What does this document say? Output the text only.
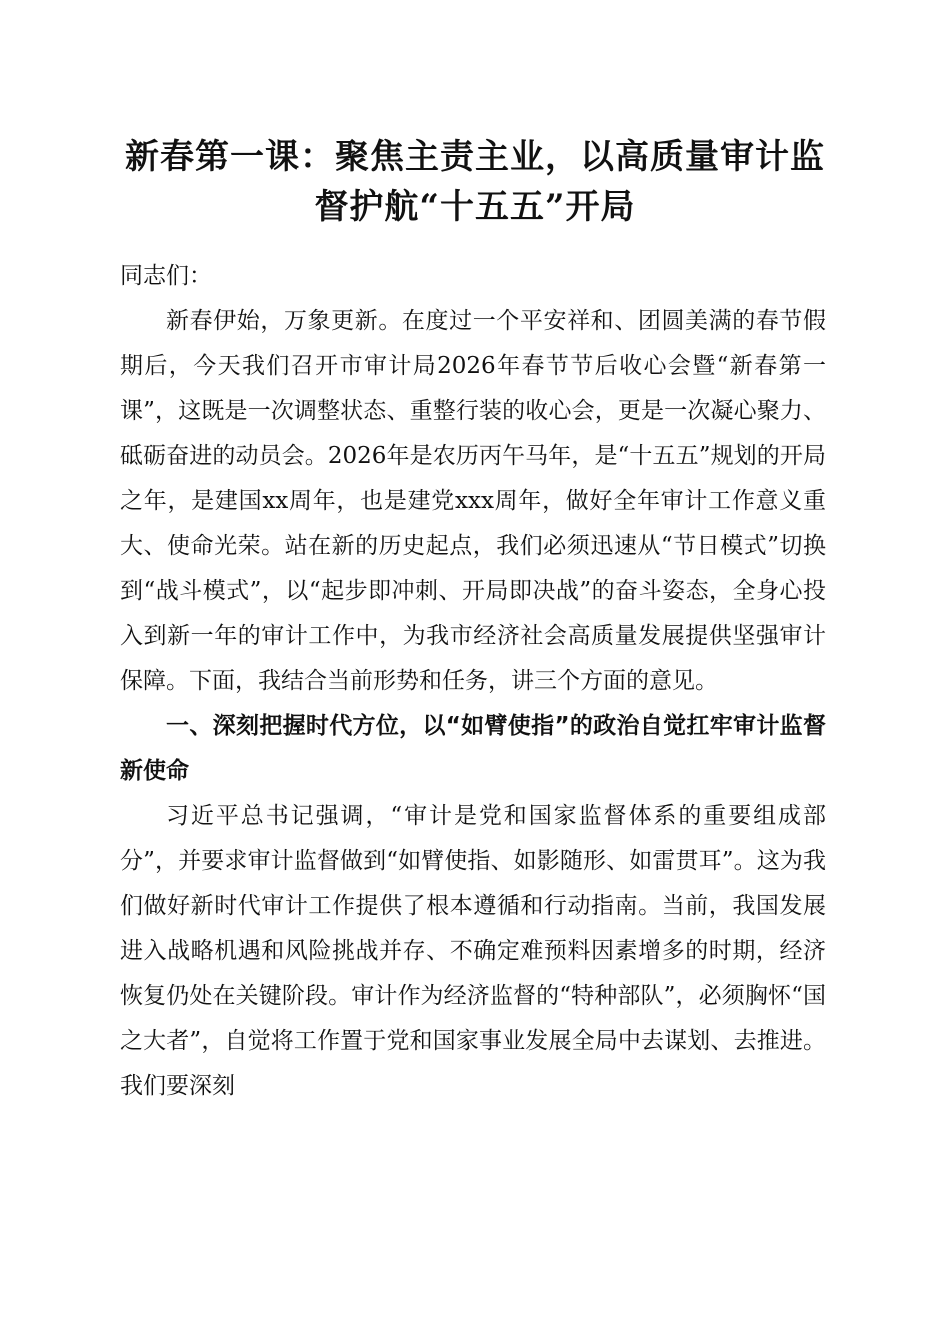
新春第一课：聚焦主责主业，以高质量审计监
督护航“十五五”开局

同志们：

新春伊始，万象更新。在度过一个平安祥和、团圆美满的春节假期后，今天我们召开市审计局2026年春节节后收心会暨“新春第一课”，这既是一次调整状态、重整行装的收心会，更是一次凝心聚力、砥砺奋进的动员会。2026年是农历丙午马年，是“十五五”规划的开局之年，是建国xx周年，也是建党xxx周年，做好全年审计工作意义重大、使命光荣。站在新的历史起点，我们必须迅速从“节日模式”切换到“战斗模式”，以“起步即冲刺、开局即决战”的奋斗姿态，全身心投入到新一年的审计工作中，为我市经济社会高质量发展提供坚强审计保障。下面，我结合当前形势和任务，讲三个方面的意见。

一、深刻把握时代方位，以“如臂使指”的政治自觉扛牢审计监督新使命

习近平总书记强调，“审计是党和国家监督体系的重要组成部分”，并要求审计监督做到“如臂使指、如影随形、如雷贯耳”。这为我们做好新时代审计工作提供了根本遵循和行动指南。当前，我国发展进入战略机遇和风险挑战并存、不确定难预料因素增多的时期，经济恢复仍处在关键阶段。审计作为经济监督的“特种部队”，必须胸怀“国之大者”，自觉将工作置于党和国家事业发展全局中去谋划、去推进。我们要深刻
